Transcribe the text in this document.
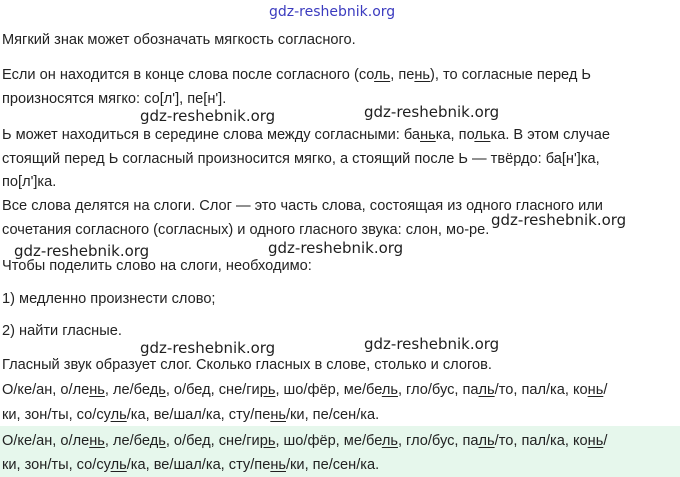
gdz-reshebnik.org
Мягкий знак может обозначать мягкость согласного.
Если он находится в конце слова после согласного (соль, пень), то согласные перед Ь
произносятся мягко: со[л'], пе[н'].
Ь может находиться в середине слова между согласными: банька, полька. В этом случае
стоящий перед Ь согласный произносится мягко, а стоящий после Ь — твёрдо: ба[н']ка,
по[л']ка.
Все слова делятся на слоги. Слог — это часть слова, состоящая из одного гласного или
сочетания согласного (согласных) и одного гласного звука: слон, мо-ре.
Чтобы поделить слово на слоги, необходимо:
1) медленно произнести слово;
2) найти гласные.
Гласный звук образует слог. Сколько гласных в слове, столько и слогов.
О/ке/ан, о/лень, ле/бедь, о/бед, сне/гирь, шо/фёр, ме/бель, гло/бус, паль/то, пал/ка, конь/
ки, зон/ты, со/суль/ка, ве/шал/ка, сту/пень/ки, пе/сен/ка.
О/ке/ан, о/лень, ле/бедь, о/бед, сне/гирь, шо/фёр, ме/бель, гло/бус, паль/то, пал/ка, конь/
ки, зон/ты, со/суль/ка, ве/шал/ка, сту/пень/ки, пе/сен/ка.
gdz-reshebnik.org	gdz-reshebnik.org
gdz-reshebnik.org
gdz-reshebnik.org	gdz-reshebnik.org
gdz-reshebnik.org	gdz-reshebnik.org
